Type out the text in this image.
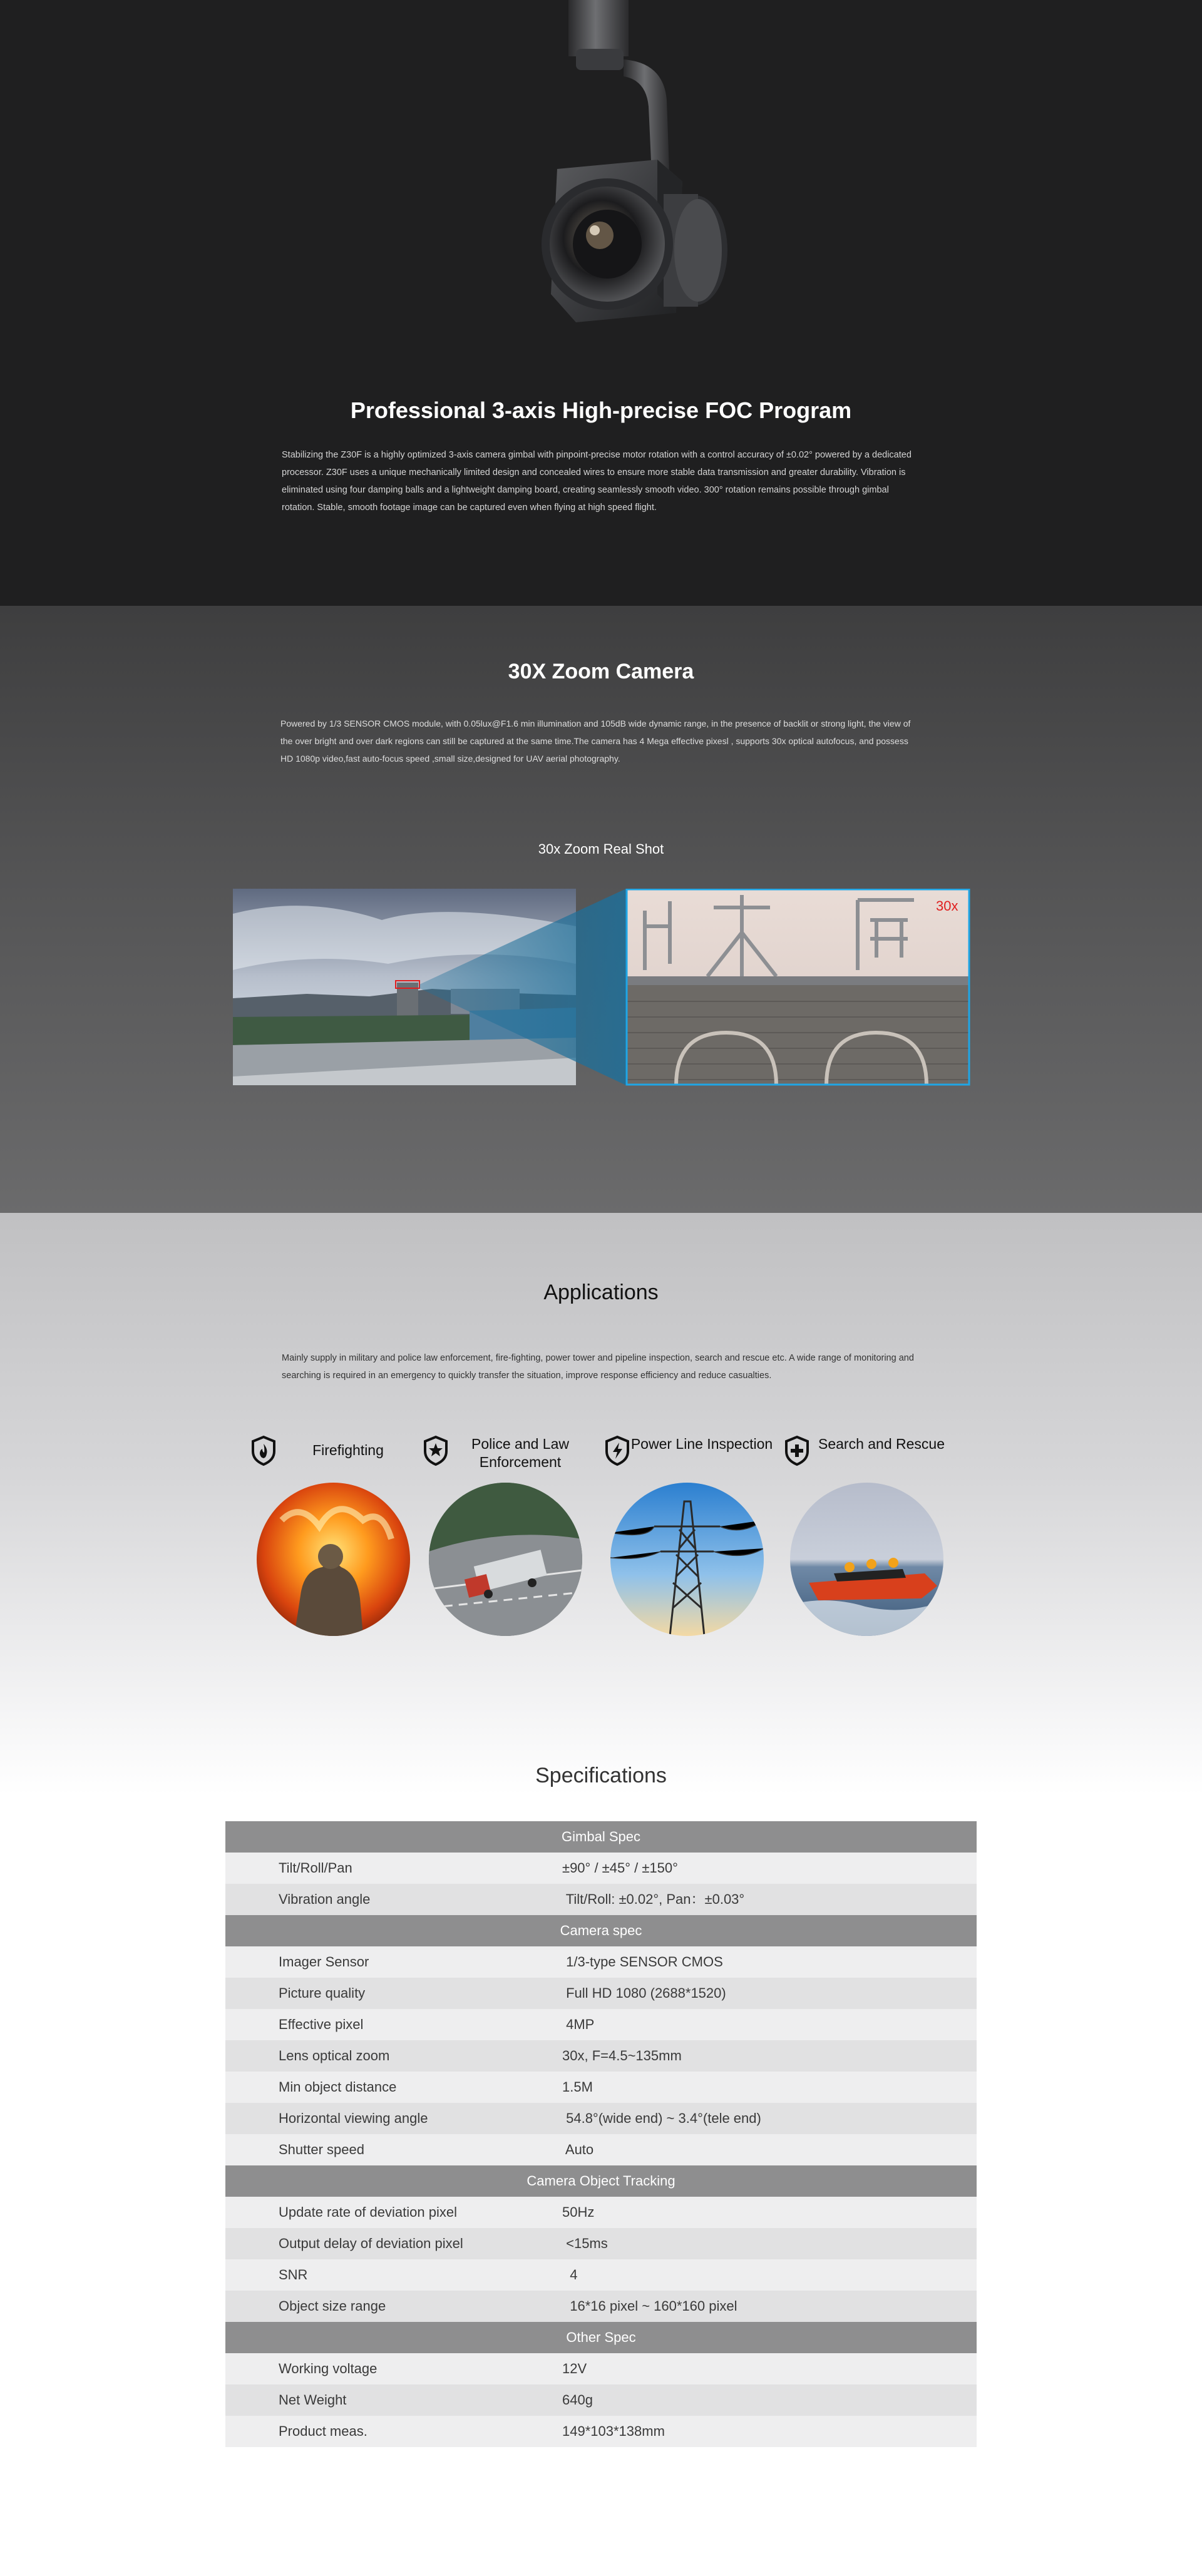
Professional 3-axis High-precise FOC Program
Stabilizing the Z30F is a highly optimized 3-axis camera gimbal with pinpoint-precise motor rotation with a control accuracy of ±0.02° powered by a dedicated processor. Z30F uses a unique mechanically limited design and concealed wires to ensure more stable data transmission and greater durability. Vibration is eliminated using four damping balls and a lightweight damping board, creating seamlessly smooth video. 300° rotation remains possible through gimbal rotation. Stable, smooth footage image can be captured even when flying at high speed flight.
30X Zoom Camera
Powered by 1/3 SENSOR CMOS module, with 0.05lux@F1.6 min illumination and 105dB wide dynamic range, in the presence of backlit or strong light, the view of the over bright and over dark regions can still be captured at the same time.The camera has 4 Mega effective pixesl , supports 30x optical autofocus, and possess HD 1080p video,fast auto-focus speed ,small size,designed for UAV aerial photography.
30x Zoom Real Shot
30x
Applications
Mainly supply in military and police law enforcement, fire-fighting, power tower and pipeline inspection, search and rescue etc. A wide range of monitoring and searching is required in an emergency to quickly transfer the situation, improve response efficiency and reduce casualties.
Firefighting	Police and Law Enforcement
Power Line Inspection	Search and Rescue
Specifications
Gimbal Spec
Tilt/Roll/Pan	±90° / ±45° / ±150°
Vibration angle	Tilt/Roll: ±0.02°, Pan：±0.03°
Camera spec
Imager Sensor	1/3-type SENSOR CMOS
Picture quality	Full HD 1080 (2688*1520)
Effective pixel	4MP
Lens optical zoom	30x, F=4.5~135mm
Min object distance	1.5M
Horizontal viewing angle	54.8°(wide end) ~ 3.4°(tele end)
Shutter speed	Auto
Camera Object Tracking
Update rate of deviation pixel	50Hz
Output delay of deviation pixel	<15ms
SNR	4
Object size range	16*16 pixel ~ 160*160 pixel
Other Spec
Working voltage	12V
Net Weight	640g
Product meas.	149*103*138mm
